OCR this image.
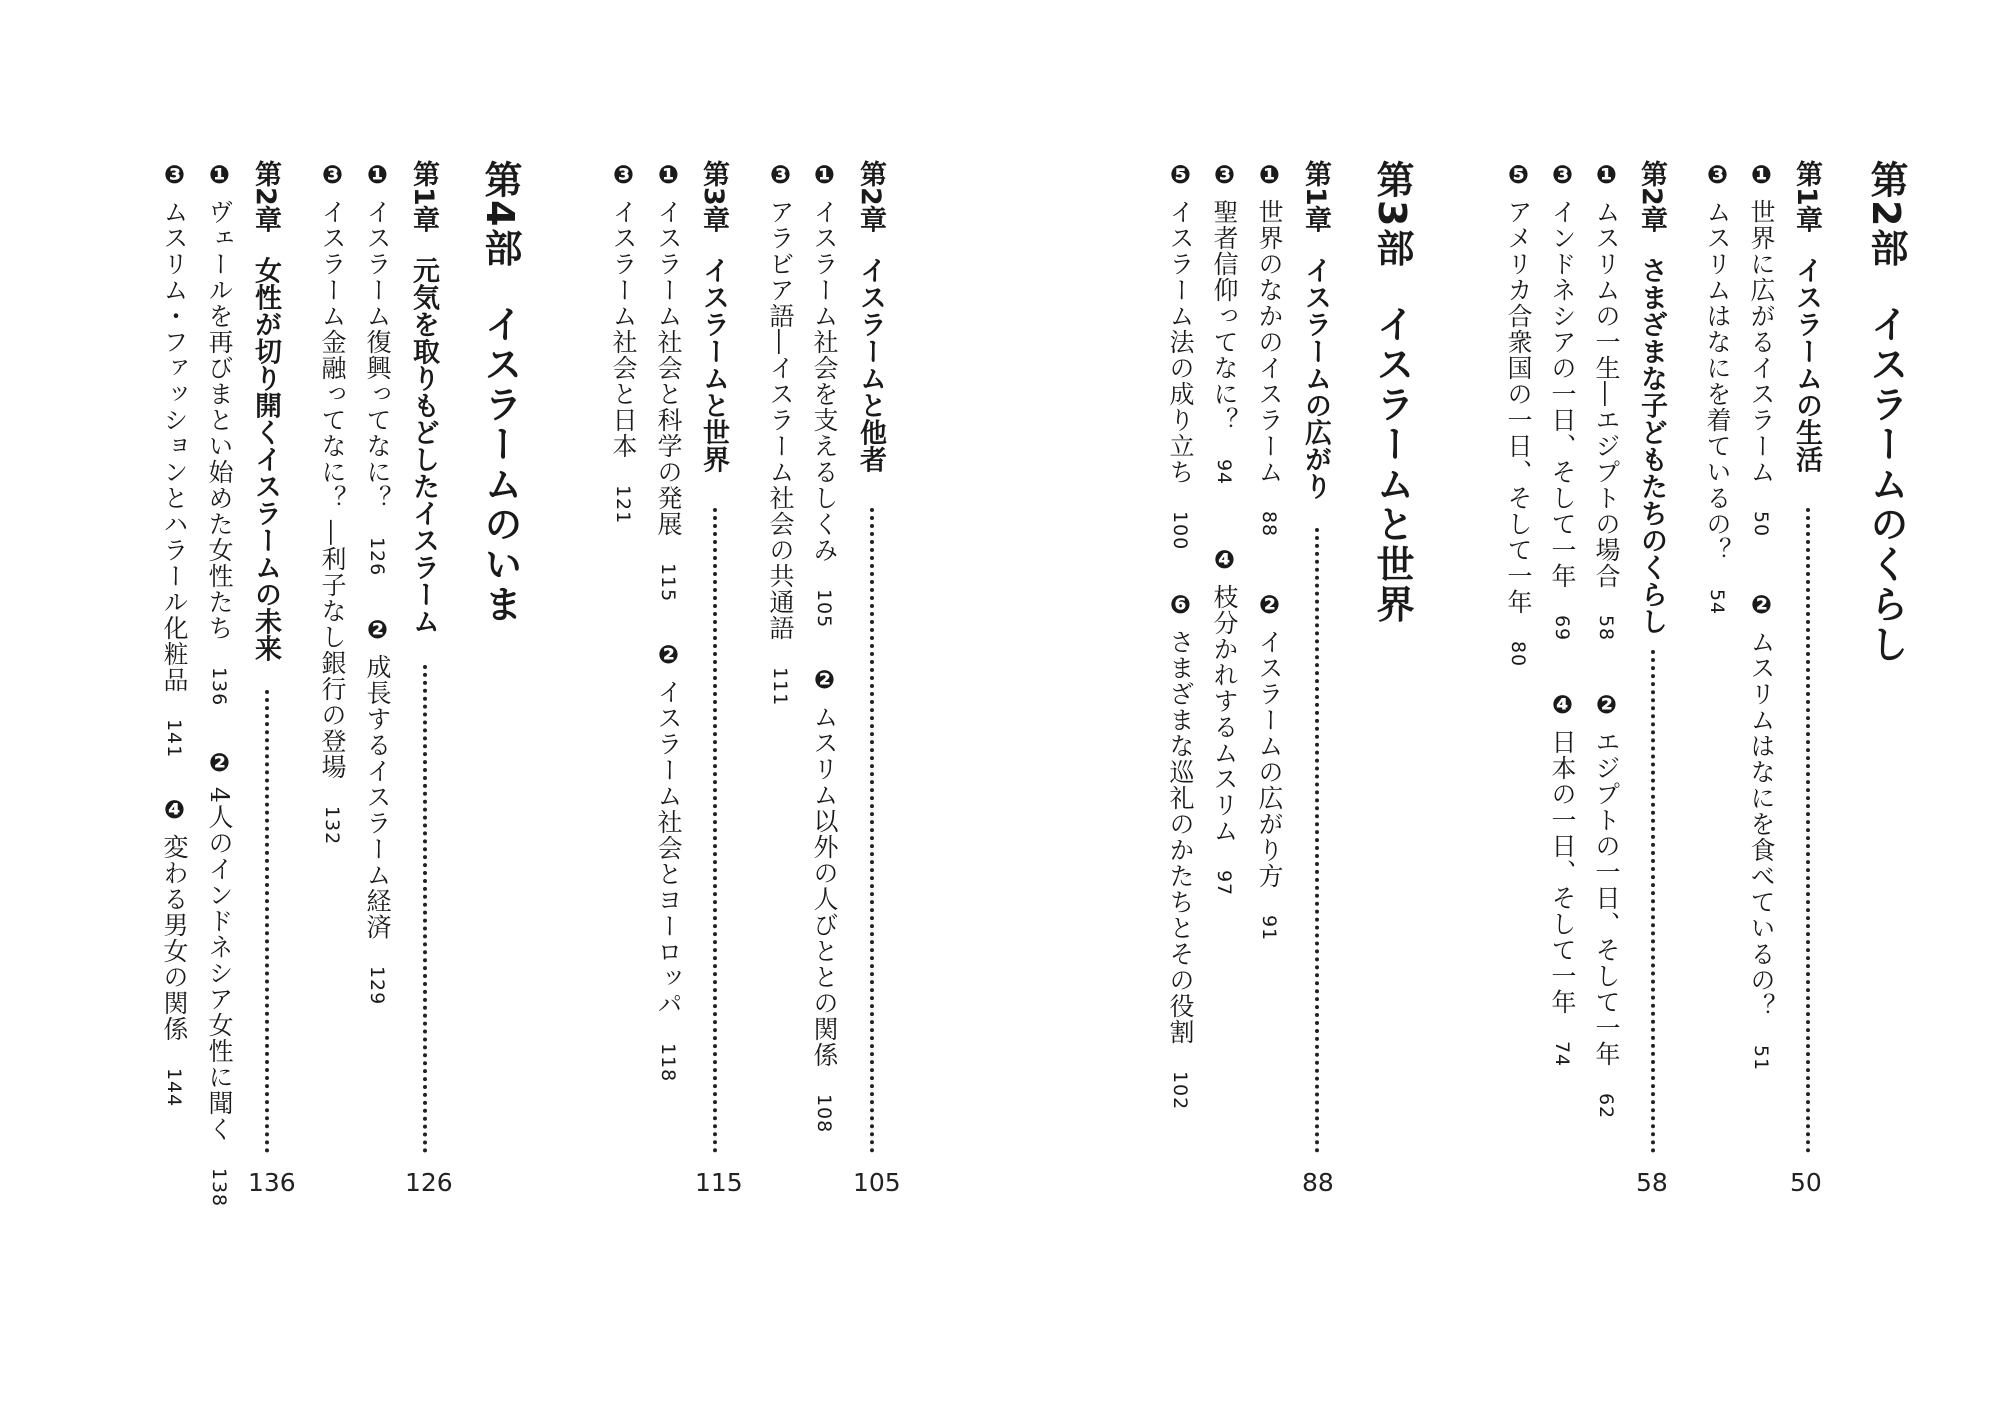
第2部イスラームのくらし
第1章イスラームの生活
50
❶ 世界に広がるイスラーム　50
❷ ムスリムはなにを食べているの？　51
❸ ムスリムはなにを着ているの？　54
第2章さまざまな子どもたちのくらし
58
❶ ムスリムの一生―エジプトの場合　58
❷ エジプトの一日、そして一年　62
❸ インドネシアの一日、そして一年　69
❹ 日本の一日、そして一年　74
❺ アメリカ合衆国の一日、そして一年　80
第3部イスラームと世界
第1章イスラームの広がり
88
❶ 世界のなかのイスラーム　88
❷ イスラームの広がり方　91
❸ 聖者信仰ってなに？　94
❹ 枝分かれするムスリム　97
❺ イスラーム法の成り立ち　100
❻ さまざまな巡礼のかたちとその役割　102
第2章イスラームと他者
105
❶ イスラーム社会を支えるしくみ　105
❷ ムスリム以外の人びととの関係　108
❸ アラビア語―イスラーム社会の共通語　111
第3章イスラームと世界
115
❶ イスラーム社会と科学の発展　115
❷ イスラーム社会とヨーロッパ　118
❸ イスラーム社会と日本　121
第4部イスラームのいま
第1章元気を取りもどしたイスラーム
126
❶ イスラーム復興ってなに？　126
❷ 成長するイスラーム経済　129
❸ イスラーム金融ってなに？ ―利子なし銀行の登場　132
第2章女性が切り開くイスラームの未来
136
❶ ヴェールを再びまとい始めた女性たち　136
❷ 4人のインドネシア女性に聞く　138
❸ ムスリム・ファッションとハラール化粧品　141
❹ 変わる男女の関係　144
